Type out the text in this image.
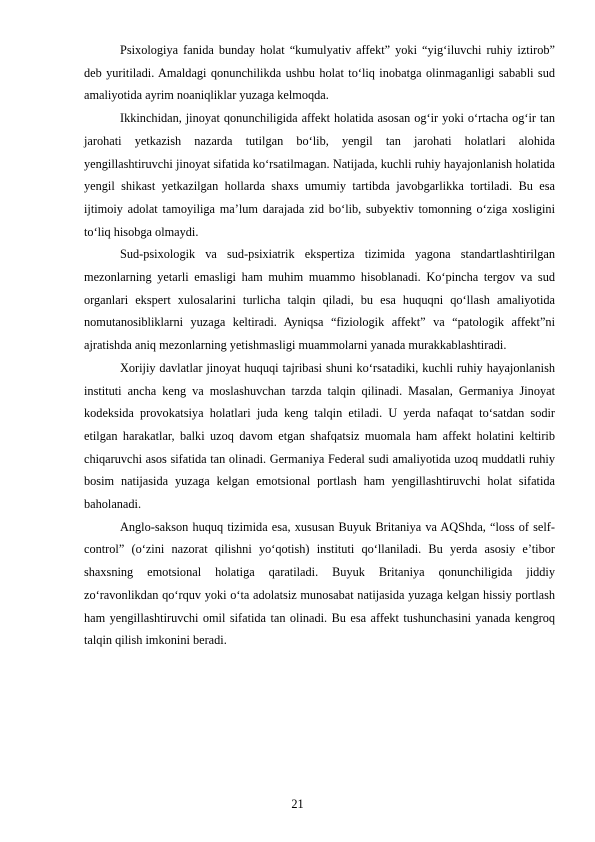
Psixologiya fanida bunday holat “kumulyativ affekt” yoki “yig‘iluvchi ruhiy iztirob” deb yuritiladi. Amaldagi qonunchilikda ushbu holat to‘liq inobatga olinmaganligi sababli sud amaliyotida ayrim noaniqliklar yuzaga kelmoqda.

Ikkinchidan, jinoyat qonunchiligida affekt holatida asosan og‘ir yoki o‘rtacha og‘ir tan jarohati yetkazish nazarda tutilgan bo‘lib, yengil tan jarohati holatlari alohida yengillashtiruvchi jinoyat sifatida ko‘rsatilmagan. Natijada, kuchli ruhiy hayajonlanish holatida yengil shikast yetkazilgan hollarda shaxs umumiy tartibda javobgarlikka tortiladi. Bu esa ijtimoiy adolat tamoyiliga ma’lum darajada zid bo‘lib, subyektiv tomonning o‘ziga xosligini to‘liq hisobga olmaydi.

Sud-psixologik va sud-psixiatrik ekspertiza tizimida yagona standartlashtirilgan mezonlarning yetarli emasligi ham muhim muammo hisoblanadi. Ko‘pincha tergov va sud organlari ekspert xulosalarini turlicha talqin qiladi, bu esa huquqni qo‘llash amaliyotida nomutanosibliklarni yuzaga keltiradi. Ayniqsa “fiziologik affekt” va “patologik affekt”ni ajratishda aniq mezonlarning yetishmasligi muammolarni yanada murakkablashtiradi.

Xorijiy davlatlar jinoyat huquqi tajribasi shuni ko‘rsatadiki, kuchli ruhiy hayajonlanish instituti ancha keng va moslashuvchan tarzda talqin qilinadi. Masalan, Germaniya Jinoyat kodeksida provokatsiya holatlari juda keng talqin etiladi. U yerda nafaqat to‘satdan sodir etilgan harakatlar, balki uzoq davom etgan shafqatsiz muomala ham affekt holatini keltirib chiqaruvchi asos sifatida tan olinadi. Germaniya Federal sudi amaliyotida uzoq muddatli ruhiy bosim natijasida yuzaga kelgan emotsional portlash ham yengillashtiruvchi holat sifatida baholanadi.

Anglo-sakson huquq tizimida esa, xususan Buyuk Britaniya va AQShda, “loss of self-control” (o‘zini nazorat qilishni yo‘qotish) instituti qo‘llaniladi. Bu yerda asosiy e’tibor shaxsning emotsional holatiga qaratiladi. Buyuk Britaniya qonunchiligida jiddiy zo‘ravonlikdan qo‘rquv yoki o‘ta adolatsiz munosabat natijasida yuzaga kelgan hissiy portlash ham yengillashtiruvchi omil sifatida tan olinadi. Bu esa affekt tushunchasini yanada kengroq talqin qilish imkonini beradi.

21
